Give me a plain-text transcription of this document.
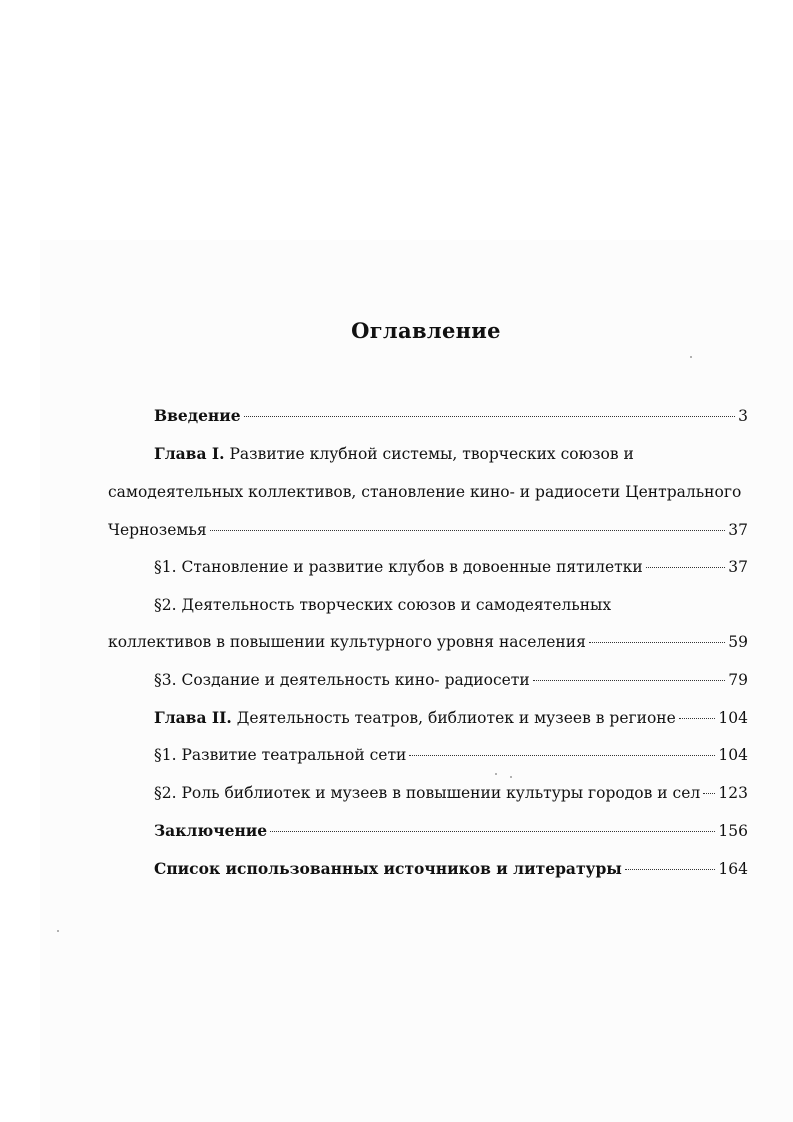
Оглавление
Введение	3
Глава I. Развитие клубной системы, творческих союзов и
самодеятельных коллективов, становление кино- и радиосети Центрального
Черноземья	37
§1. Становление и развитие клубов в довоенные пятилетки	37
§2. Деятельность творческих союзов и самодеятельных
коллективов в повышении культурного уровня населения	59
§3. Создание и деятельность кино- радиосети	79
Глава II. Деятельность театров, библиотек и музеев в регионе	104
§1. Развитие театральной сети	104
§2. Роль библиотек и музеев в повышении культуры городов и сел 123
Заключение	156
Список использованных источников и литературы	164
